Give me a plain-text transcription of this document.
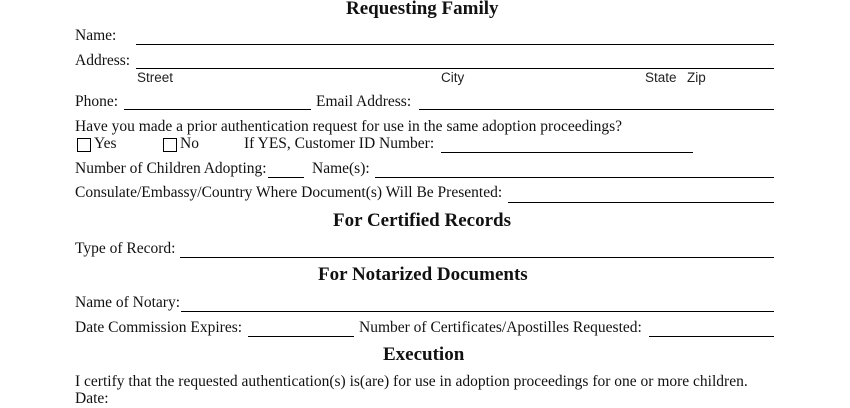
Requesting Family
Name:
Address:
Street	City	State Zip
Phone:	Email Address:
Have you made a prior authentication request for use in the same adoption proceedings?
Yes	No	If YES, Customer ID Number:
Number of Children Adopting:	Name(s):
Consulate/Embassy/Country Where Document(s) Will Be Presented:
For Certified Records
Type of Record:
For Notarized Documents
Name of Notary:
Date Commission Expires:	Number of Certificates/Apostilles Requested:
Execution
I certify that the requested authentication(s) is(are) for use in adoption proceedings for one or more children.
Date:
